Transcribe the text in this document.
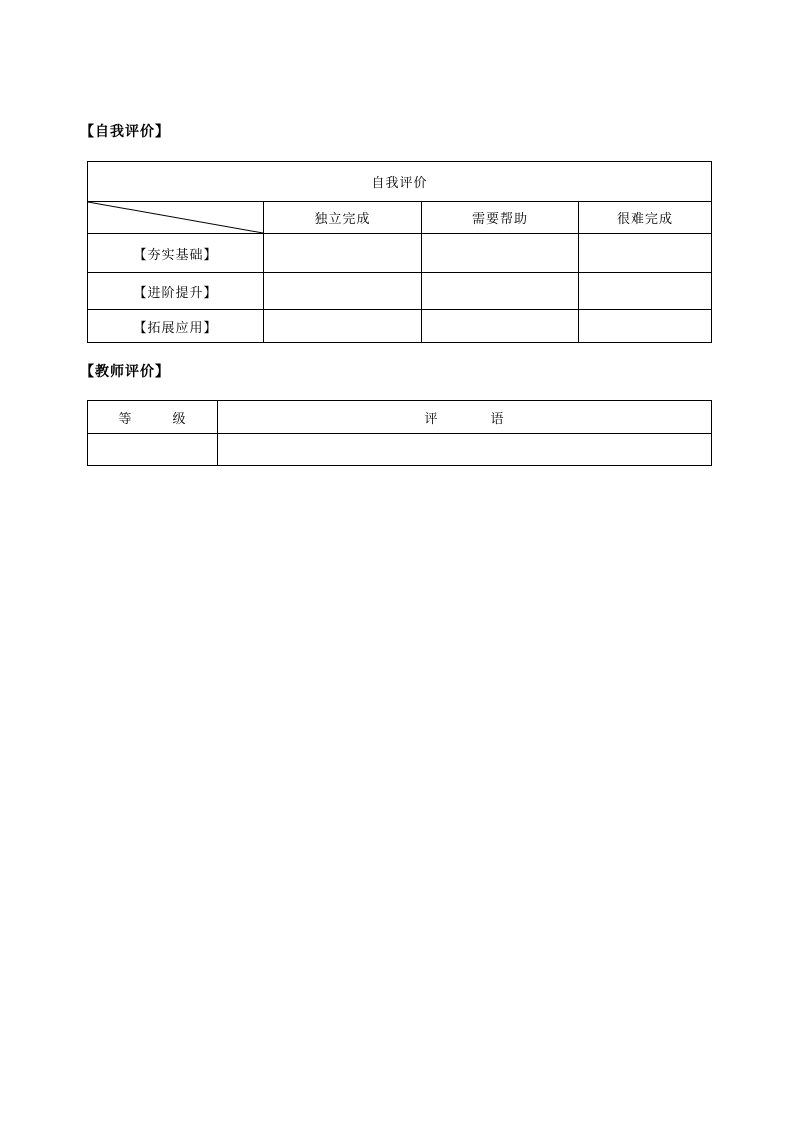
【自我评价】
自我评价			

	独立完成	需要帮助	很难完成
【夯实基础】			
【进阶提升】			
【拓展应用】			
【教师评价】
等 级	评 语
